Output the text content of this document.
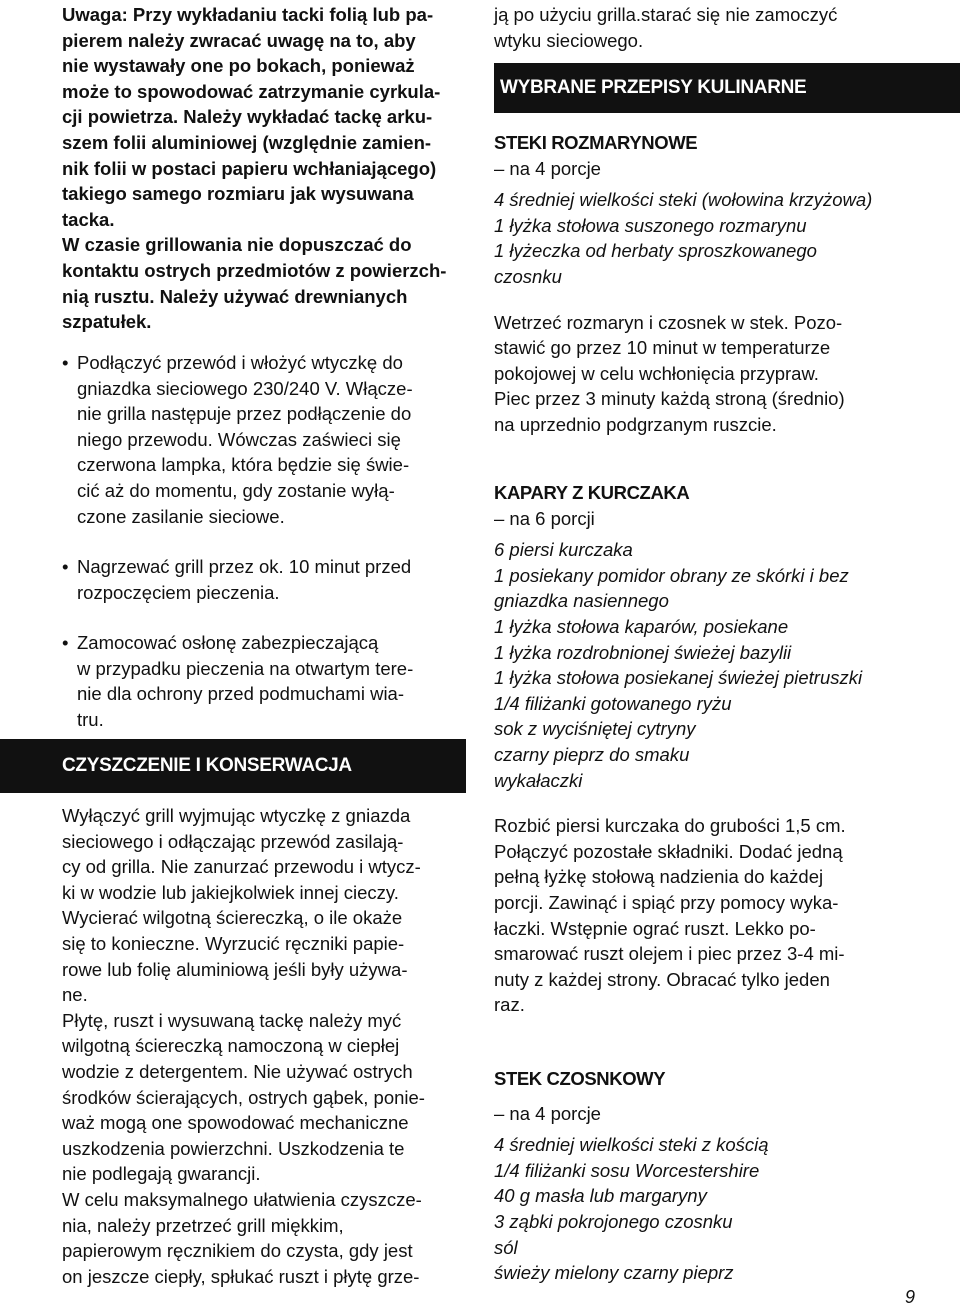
Uwaga: Przy wykładaniu tacki folią lub pa-
pierem należy zwracać uwagę na to, aby
nie wystawały one po bokach, ponieważ
może to spowodować zatrzymanie cyrkula-
cji powietrza. Należy wykładać tackę arku-
szem folii aluminiowej (względnie zamien-
nik folii w postaci papieru wchłaniającego)
takiego samego rozmiaru jak wysuwana
tacka.
W czasie grillowania nie dopuszczać do
kontaktu ostrych przedmiotów z powierzch-
nią rusztu. Należy używać drewnianych
szpatułek.
• Podłączyć przewód i włożyć wtyczkę do
gniazdka sieciowego 230/240 V. Włącze-
nie grilla następuje przez podłączenie do
niego przewodu. Wówczas zaświeci się
czerwona lampka, która będzie się świe-
cić aż do momentu, gdy zostanie wyłą-
czone zasilanie sieciowe.
• Nagrzewać grill przez ok. 10 minut przed
rozpoczęciem pieczenia.
• Zamocować osłonę zabezpieczającą
w przypadku pieczenia na otwartym tere-
nie dla ochrony przed podmuchami wia-
tru.
CZYSZCZENIE I KONSERWACJA
Wyłączyć grill wyjmując wtyczkę z gniazda
sieciowego i odłączając przewód zasilają-
cy od grilla. Nie zanurzać przewodu i wtycz-
ki w wodzie lub jakiejkolwiek innej cieczy.
Wycierać wilgotną ściereczką, o ile okaże
się to konieczne. Wyrzucić ręczniki papie-
rowe lub folię aluminiową jeśli były używa-
ne.
Płytę, ruszt i wysuwaną tackę należy myć
wilgotną ściereczką namoczoną w ciepłej
wodzie z detergentem. Nie używać ostrych
środków ścierających, ostrych gąbek, ponie-
waż mogą one spowodować mechaniczne
uszkodzenia powierzchni. Uszkodzenia te
nie podlegają gwarancji.
W celu maksymalnego ułatwienia czyszcze-
nia, należy przetrzeć grill miękkim,
papierowym ręcznikiem do czysta, gdy jest
on jeszcze ciepły, spłukać ruszt i płytę grze-
ją po użyciu grilla.starać się nie zamoczyć
wtyku sieciowego.
WYBRANE PRZEPISY KULINARNE
STEKI ROZMARYNOWE
– na 4 porcje
4 średniej wielkości steki (wołowina krzyżowa)
1 łyżka stołowa suszonego rozmarynu
1 łyżeczka od herbaty sproszkowanego
czosnku
Wetrzeć rozmaryn i czosnek w stek. Pozo-
stawić go przez 10 minut w temperaturze
pokojowej w celu wchłonięcia przypraw.
Piec przez 3 minuty każdą stroną (średnio)
na uprzednio podgrzanym ruszcie.
KAPARY Z KURCZAKA
– na 6 porcji
6 piersi kurczaka
1 posiekany pomidor obrany ze skórki i bez
gniazdka nasiennego
1 łyżka stołowa kaparów, posiekane
1 łyżka rozdrobnionej świeżej bazylii
1 łyżka stołowa posiekanej świeżej pietruszki
1/4 filiżanki gotowanego ryżu
sok z wyciśniętej cytryny
czarny pieprz do smaku
wykałaczki
Rozbić piersi kurczaka do grubości 1,5 cm.
Połączyć pozostałe składniki. Dodać jedną
pełną łyżkę stołową nadzienia do każdej
porcji. Zawinąć i spiąć przy pomocy wyka-
łaczki. Wstępnie ograć ruszt. Lekko po-
smarować ruszt olejem i piec przez 3-4 mi-
nuty z każdej strony. Obracać tylko jeden
raz.
STEK CZOSNKOWY
– na 4 porcje
4 średniej wielkości steki z kością
1/4 filiżanki sosu Worcestershire
40 g masła lub margaryny
3 ząbki pokrojonego czosnku
sól
świeży mielony czarny pieprz
9
